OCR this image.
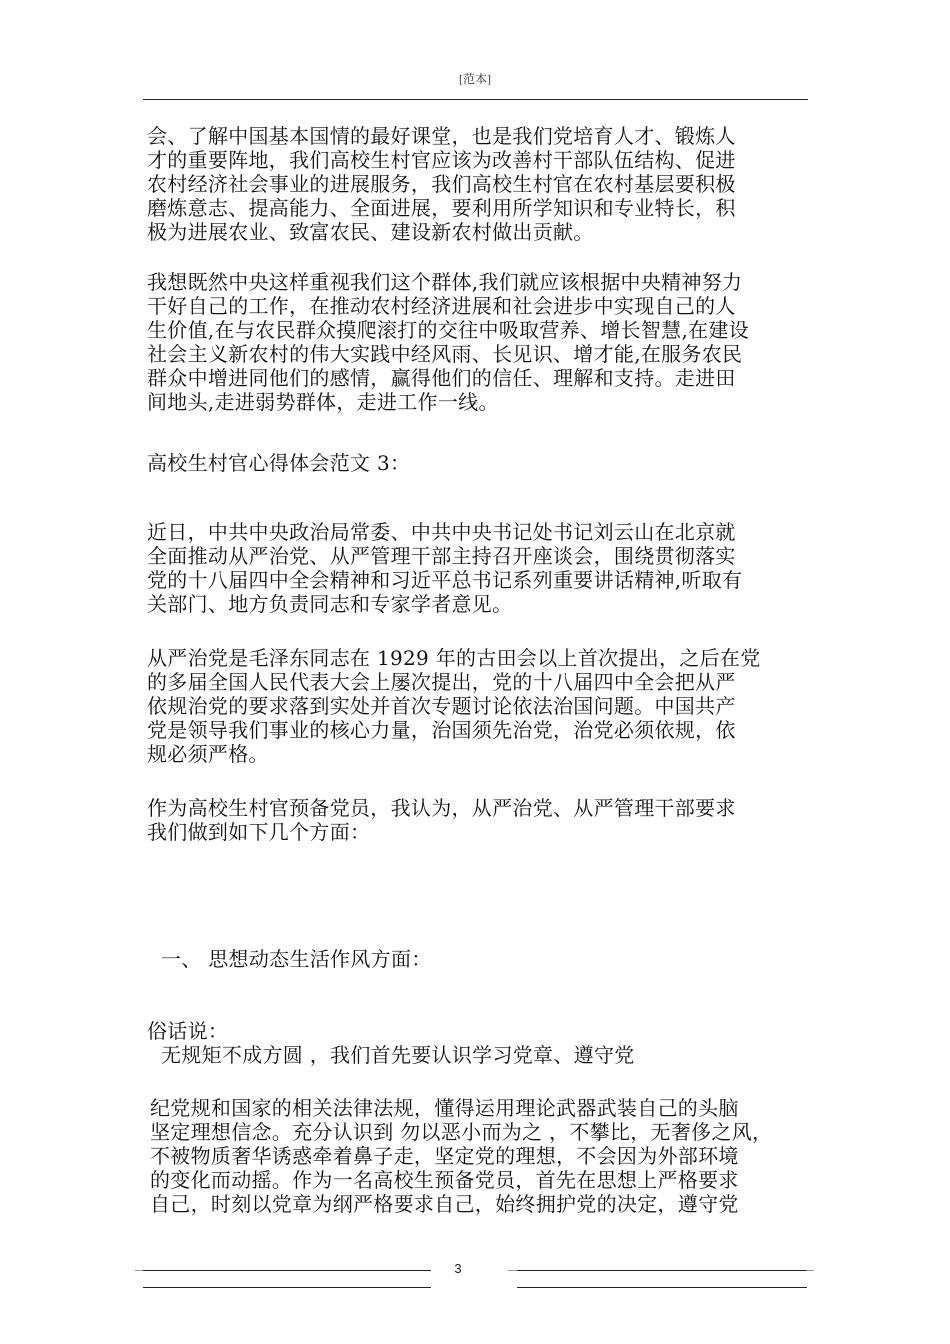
[范本]
会、了解中国基本国情的最好课堂，也是我们党培育人才、锻炼人
才的重要阵地，我们高校生村官应该为改善村干部队伍结构、促进
农村经济社会事业的进展服务，我们高校生村官在农村基层要积极
磨炼意志、提高能力、全面进展，要利用所学知识和专业特长，积
极为进展农业、致富农民、建设新农村做出贡献。
我想既然中央这样重视我们这个群体,我们就应该根据中央精神努力
干好自己的工作，在推动农村经济进展和社会进步中实现自己的人
生价值,在与农民群众摸爬滚打的交往中吸取营养、增长智慧,在建设
社会主义新农村的伟大实践中经风雨、长见识、增才能,在服务农民
群众中增进同他们的感情，赢得他们的信任、理解和支持。走进田
间地头,走进弱势群体，走进工作一线。
高校生村官心得体会范文 3：
近日，中共中央政治局常委、中共中央书记处书记刘云山在北京就
全面推动从严治党、从严管理干部主持召开座谈会，围绕贯彻落实
党的十八届四中全会精神和习近平总书记系列重要讲话精神,听取有
关部门、地方负责同志和专家学者意见。
从严治党是毛泽东同志在 1929 年的古田会以上首次提出，之后在党
的多届全国人民代表大会上屡次提出，党的十八届四中全会把从严
依规治党的要求落到实处并首次专题讨论依法治国问题。中国共产
党是领导我们事业的核心力量，治国须先治党，治党必须依规，依
规必须严格。
作为高校生村官预备党员，我认为，从严治党、从严管理干部要求
我们做到如下几个方面：
一、 思想动态生活作风方面：
俗话说：
无规矩不成方圆 ，我们首先要认识学习党章、遵守党
纪党规和国家的相关法律法规，懂得运用理论武器武装自己的头脑
坚定理想信念。充分认识到 勿以恶小而为之 ，不攀比，无奢侈之风，
不被物质奢华诱惑牵着鼻子走，坚定党的理想，不会因为外部环境
的变化而动摇。作为一名高校生预备党员，首先在思想上严格要求
自己，时刻以党章为纲严格要求自己，始终拥护党的决定，遵守党
3
